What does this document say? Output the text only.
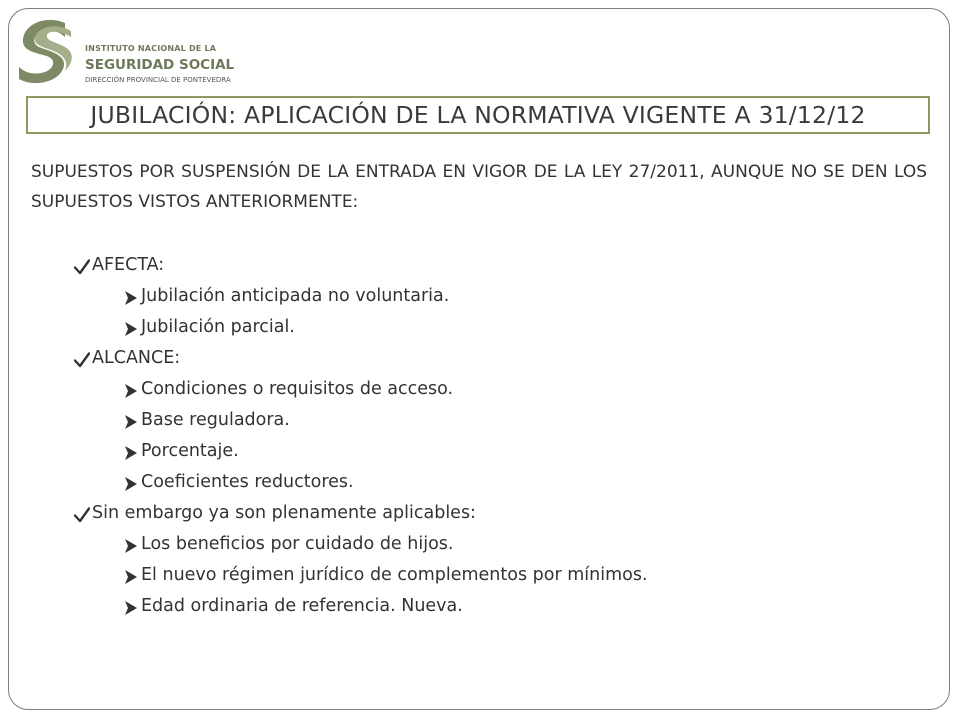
INSTITUTO NACIONAL DE LA
SEGURIDAD SOCIAL
DIRECCIÓN PROVINCIAL DE PONTEVEDRA
JUBILACIÓN: APLICACIÓN DE LA NORMATIVA VIGENTE A 31/12/12
SUPUESTOS POR SUSPENSIÓN DE LA ENTRADA EN VIGOR DE LA LEY 27/2011, AUNQUE NO SE DEN LOS SUPUESTOS VISTOS ANTERIORMENTE:
AFECTA:
Jubilación anticipada no voluntaria.
Jubilación parcial.
ALCANCE:
Condiciones o requisitos de acceso.
Base reguladora.
Porcentaje.
Coeficientes reductores.
Sin embargo ya son plenamente aplicables:
Los beneficios por cuidado de hijos.
El nuevo régimen jurídico de complementos por mínimos.
Edad ordinaria de referencia. Nueva.
